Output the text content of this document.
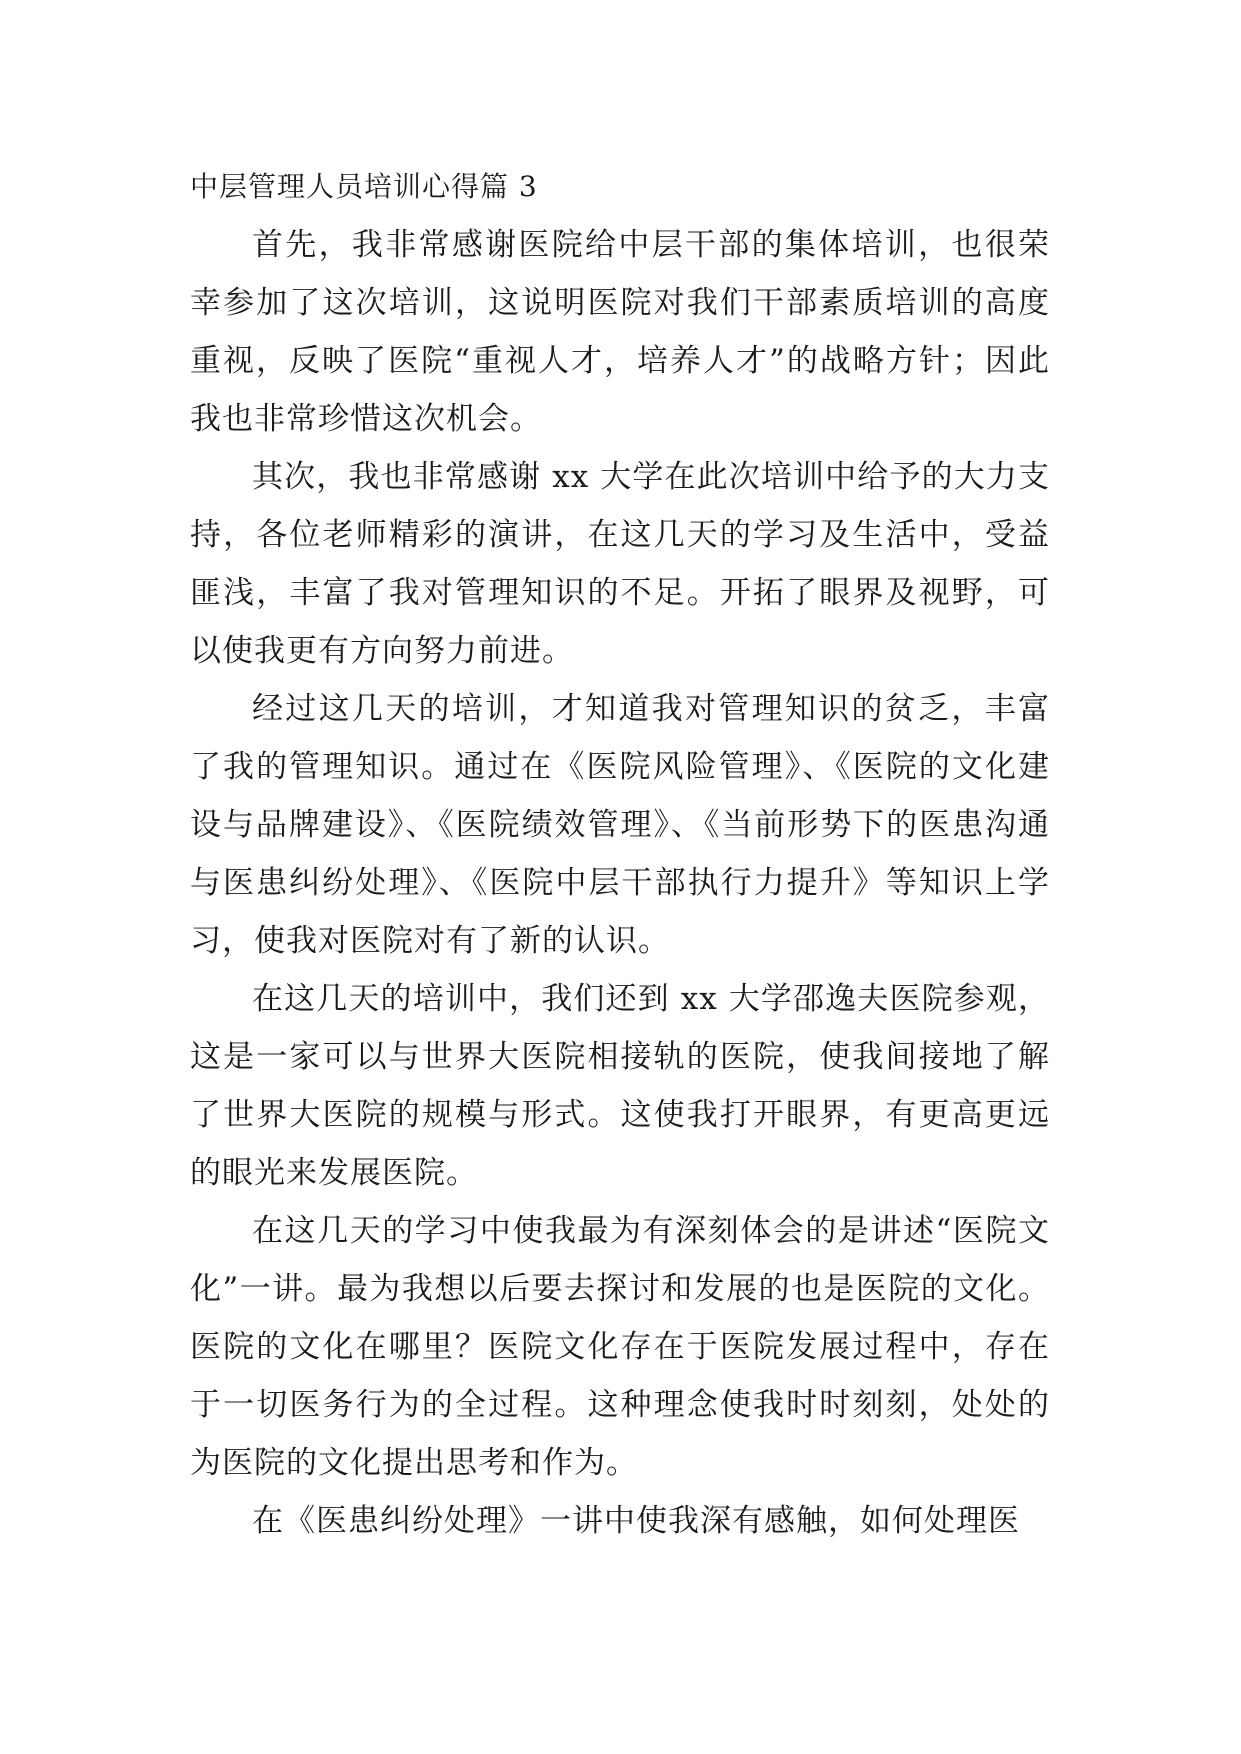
中层管理人员培训心得篇 3

首先，我非常感谢医院给中层干部的集体培训，也很荣幸参加了这次培训，这说明医院对我们干部素质培训的高度重视，反映了医院“重视人才，培养人才”的战略方针；因此我也非常珍惜这次机会。

其次，我也非常感谢 xx 大学在此次培训中给予的大力支持，各位老师精彩的演讲，在这几天的学习及生活中，受益匪浅，丰富了我对管理知识的不足。开拓了眼界及视野，可以使我更有方向努力前进。

经过这几天的培训，才知道我对管理知识的贫乏，丰富了我的管理知识。通过在《医院风险管理》、《医院的文化建设与品牌建设》、《医院绩效管理》、《当前形势下的医患沟通与医患纠纷处理》、《医院中层干部执行力提升》等知识上学习，使我对医院对有了新的认识。

在这几天的培训中，我们还到 xx 大学邵逸夫医院参观，这是一家可以与世界大医院相接轨的医院，使我间接地了解了世界大医院的规模与形式。这使我打开眼界，有更高更远的眼光来发展医院。

在这几天的学习中使我最为有深刻体会的是讲述“医院文化”一讲。最为我想以后要去探讨和发展的也是医院的文化。医院的文化在哪里？医院文化存在于医院发展过程中，存在于一切医务行为的全过程。这种理念使我时时刻刻，处处的为医院的文化提出思考和作为。

在《医患纠纷处理》一讲中使我深有感触，如何处理医
